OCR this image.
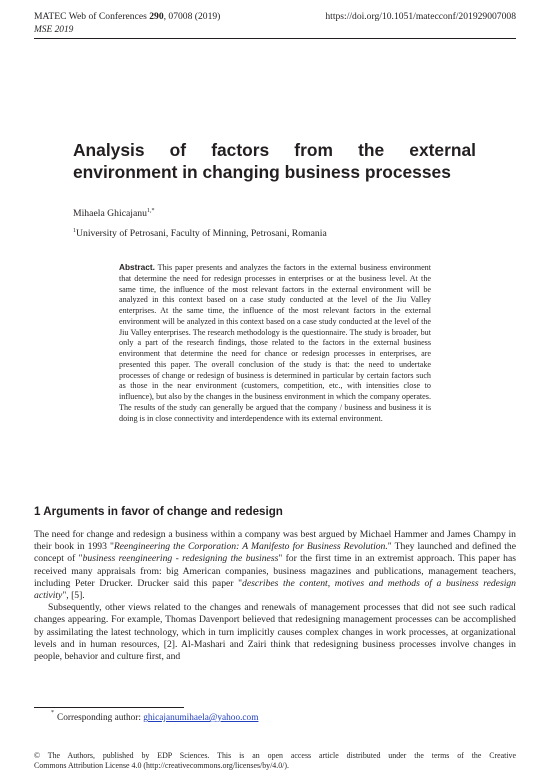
MATEC Web of Conferences 290, 07008 (2019)	https://doi.org/10.1051/matecconf/201929007008
MSE 2019
Analysis of factors from the external
environment in changing business processes
Mihaela Ghicajanu$^{1,*}$
$^1$University of Petrosani, Faculty of Minning, Petrosani, Romania
Abstract. This paper presents and analyzes the factors in the external business environment that determine the need for redesign processes in enterprises or at the business level. At the same time, the influence of the most relevant factors in the external environment will be analyzed in this context based on a case study conducted at the level of the Jiu Valley enterprises. At the same time, the influence of the most relevant factors in the external environment will be analyzed in this context based on a case study conducted at the level of the Jiu Valley enterprises. The research methodology is the questionnaire. The study is broader, but only a part of the research findings, those related to the factors in the external business environment that determine the need for chance or redesign processes in enterprises, are presented this paper. The overall conclusion of the study is that: the need to undertake processes of change or redesign of business is determined in particular by certain factors such as those in the near environment (customers, competition, etc., with intensities close to influence), but also by the changes in the business environment in which the company operates. The results of the study can generally be argued that the company / business and business it is doing is in close connectivity and interdependence with its external environment.
1 Arguments in favor of change and redesign

The need for change and redesign a business within a company was best argued by Michael Hammer and James Champy in their book in 1993 "Reengineering the Corporation: A Manifesto for Business Revolution." They launched and defined the concept of "business reengineering - redesigning the business" for the first time in an extremist approach. This paper has received many appraisals from: big American companies, business magazines and publications, management teachers, including Peter Drucker. Drucker said this paper "describes the content, motives and methods of a business redesign activity", [5].

Subsequently, other views related to the changes and renewals of management processes that did not see such radical changes appearing. For example, Thomas Davenport believed that redesigning management processes can be accomplished by assimilating the latest technology, which in turn implicitly causes complex changes in work processes, at organizational levels and in human resources, [2]. Al-Mashari and Zairi think that redesigning business processes involve changes in people, behavior and culture first, and

* Corresponding author: ghicajanumihaela@yahoo.com
© The Authors, published by EDP Sciences. This is an open access article distributed under the terms of the Creative
Commons Attribution License 4.0 (http://creativecommons.org/licenses/by/4.0/).
